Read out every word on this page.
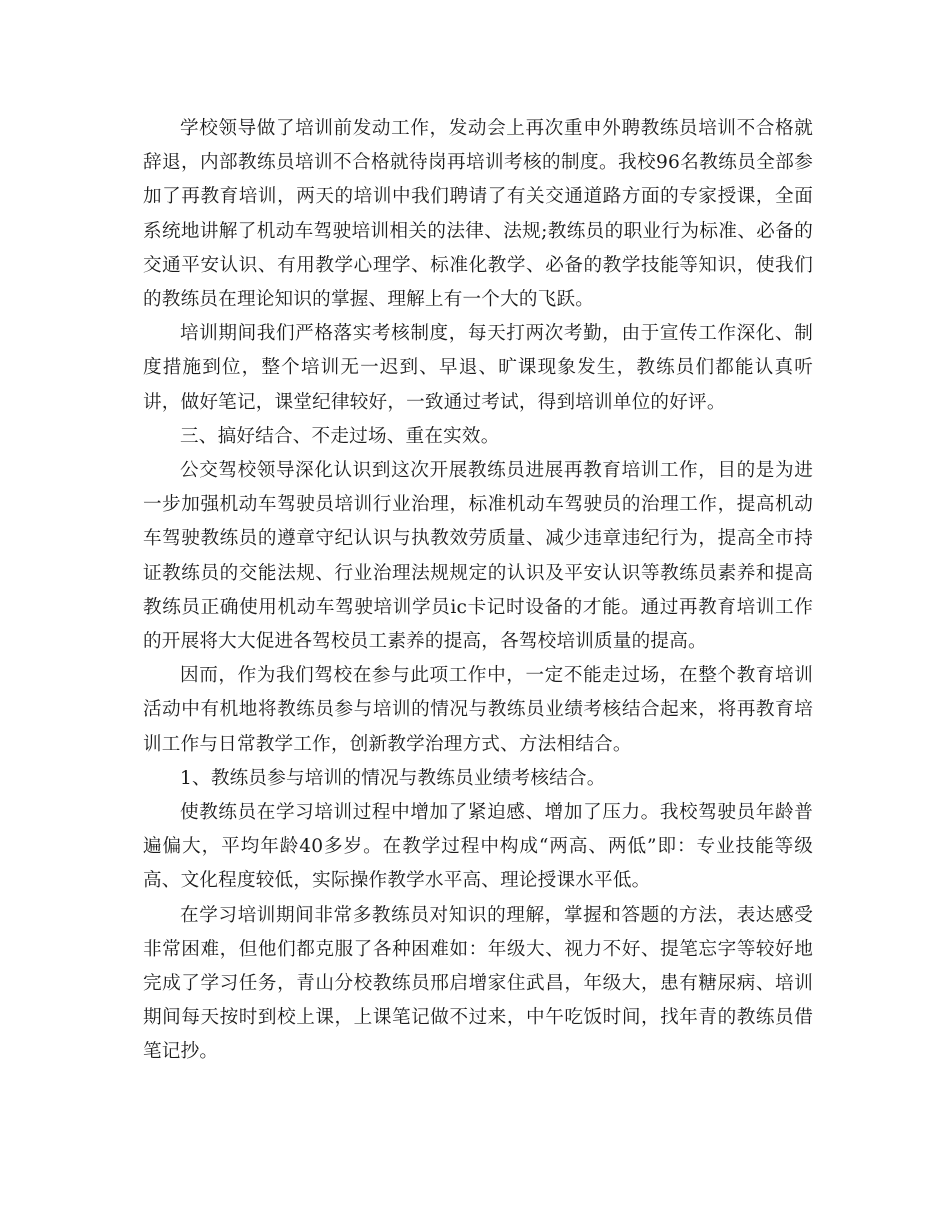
学校领导做了培训前发动工作，发动会上再次重申外聘教练员培训不合格就辞退，内部教练员培训不合格就待岗再培训考核的制度。我校96名教练员全部参加了再教育培训，两天的培训中我们聘请了有关交通道路方面的专家授课，全面系统地讲解了机动车驾驶培训相关的法律、法规;教练员的职业行为标准、必备的交通平安认识、有用教学心理学、标准化教学、必备的教学技能等知识，使我们的教练员在理论知识的掌握、理解上有一个大的飞跃。

培训期间我们严格落实考核制度，每天打两次考勤，由于宣传工作深化、制度措施到位，整个培训无一迟到、早退、旷课现象发生，教练员们都能认真听讲，做好笔记，课堂纪律较好，一致通过考试，得到培训单位的好评。

三、搞好结合、不走过场、重在实效。

公交驾校领导深化认识到这次开展教练员进展再教育培训工作，目的是为进一步加强机动车驾驶员培训行业治理，标准机动车驾驶员的治理工作，提高机动车驾驶教练员的遵章守纪认识与执教效劳质量、减少违章违纪行为，提高全市持证教练员的交能法规、行业治理法规规定的认识及平安认识等教练员素养和提高教练员正确使用机动车驾驶培训学员ic卡记时设备的才能。通过再教育培训工作的开展将大大促进各驾校员工素养的提高，各驾校培训质量的提高。

因而，作为我们驾校在参与此项工作中，一定不能走过场，在整个教育培训活动中有机地将教练员参与培训的情况与教练员业绩考核结合起来，将再教育培训工作与日常教学工作，创新教学治理方式、方法相结合。

1、教练员参与培训的情况与教练员业绩考核结合。

使教练员在学习培训过程中增加了紧迫感、增加了压力。我校驾驶员年龄普遍偏大，平均年龄40多岁。在教学过程中构成“两高、两低”即：专业技能等级高、文化程度较低，实际操作教学水平高、理论授课水平低。

在学习培训期间非常多教练员对知识的理解，掌握和答题的方法，表达感受非常困难，但他们都克服了各种困难如：年级大、视力不好、提笔忘字等较好地完成了学习任务，青山分校教练员邢启增家住武昌，年级大，患有糖尿病、培训期间每天按时到校上课，上课笔记做不过来，中午吃饭时间，找年青的教练员借笔记抄。
